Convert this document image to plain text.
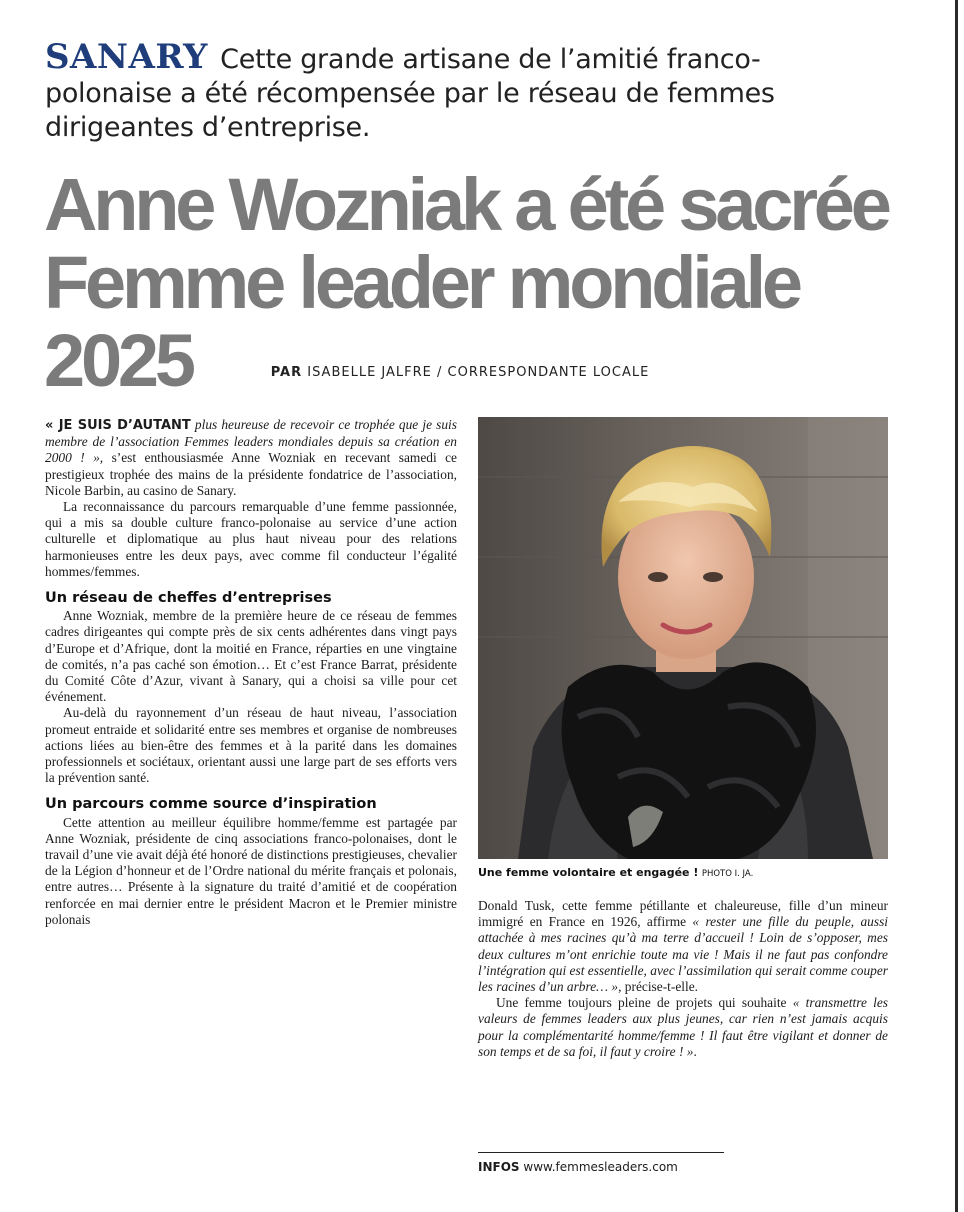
SANARY Cette grande artisane de l’amitié franco-polonaise a été récompensée par le réseau de femmes dirigeantes d’entreprise.
Anne Wozniak a été sacrée
Femme leader mondiale 2025	PAR ISABELLE JALFRE / CORRESPONDANTE LOCALE

« JE SUIS D’AUTANT plus heureuse de recevoir ce trophée que je suis membre de l’association Femmes leaders mondiales depuis sa création en 2000 ! », s’est enthousiasmée Anne Wozniak en recevant samedi ce prestigieux trophée des mains de la présidente fondatrice de l’association, Nicole Barbin, au casino de Sanary.

La reconnaissance du parcours remarquable d’une femme passionnée, qui a mis sa double culture franco-polonaise au service d’une action culturelle et diplomatique au plus haut niveau pour des relations harmonieuses entre les deux pays, avec comme fil conducteur l’égalité hommes/femmes.

Un réseau de cheffes d’entreprises

Anne Wozniak, membre de la première heure de ce réseau de femmes cadres dirigeantes qui compte près de six cents adhérentes dans vingt pays d’Europe et d’Afrique, dont la moitié en France, réparties en une vingtaine de comités, n’a pas caché son émotion… Et c’est France Barrat, présidente du Comité Côte d’Azur, vivant à Sanary, qui a choisi sa ville pour cet événement.

Au-delà du rayonnement d’un réseau de haut niveau, l’association promeut entraide et solidarité entre ses membres et organise de nombreuses actions liées au bien-être des femmes et à la parité dans les domaines professionnels et sociétaux, orientant aussi une large part de ses efforts vers la prévention santé.

Un parcours comme source d’inspiration

Cette attention au meilleur équilibre homme/femme est partagée par Anne Wozniak, présidente de cinq associations franco-polonaises, dont le travail d’une vie avait déjà été honoré de distinctions prestigieuses, chevalier de la Légion d’honneur et de l’Ordre national du mérite français et polonais, entre autres… Présente à la signature du traité d’amitié et de coopération renforcée en mai dernier entre le président Macron et le Premier ministre polonais

Une femme volontaire et engagée ! PHOTO I. JA.

Donald Tusk, cette femme pétillante et chaleureuse, fille d’un mineur immigré en France en 1926, affirme « rester une fille du peuple, aussi attachée à mes racines qu’à ma terre d’accueil ! Loin de s’opposer, mes deux cultures m’ont enrichie toute ma vie ! Mais il ne faut pas confondre l’intégration qui est essentielle, avec l’assimilation qui serait comme couper les racines d’un arbre… », précise-t-elle.

Une femme toujours pleine de projets qui souhaite « transmettre les valeurs de femmes leaders aux plus jeunes, car rien n’est jamais acquis pour la complémentarité homme/femme ! Il faut être vigilant et donner de son temps et de sa foi, il faut y croire ! ».

INFOS www.femmesleaders.com
